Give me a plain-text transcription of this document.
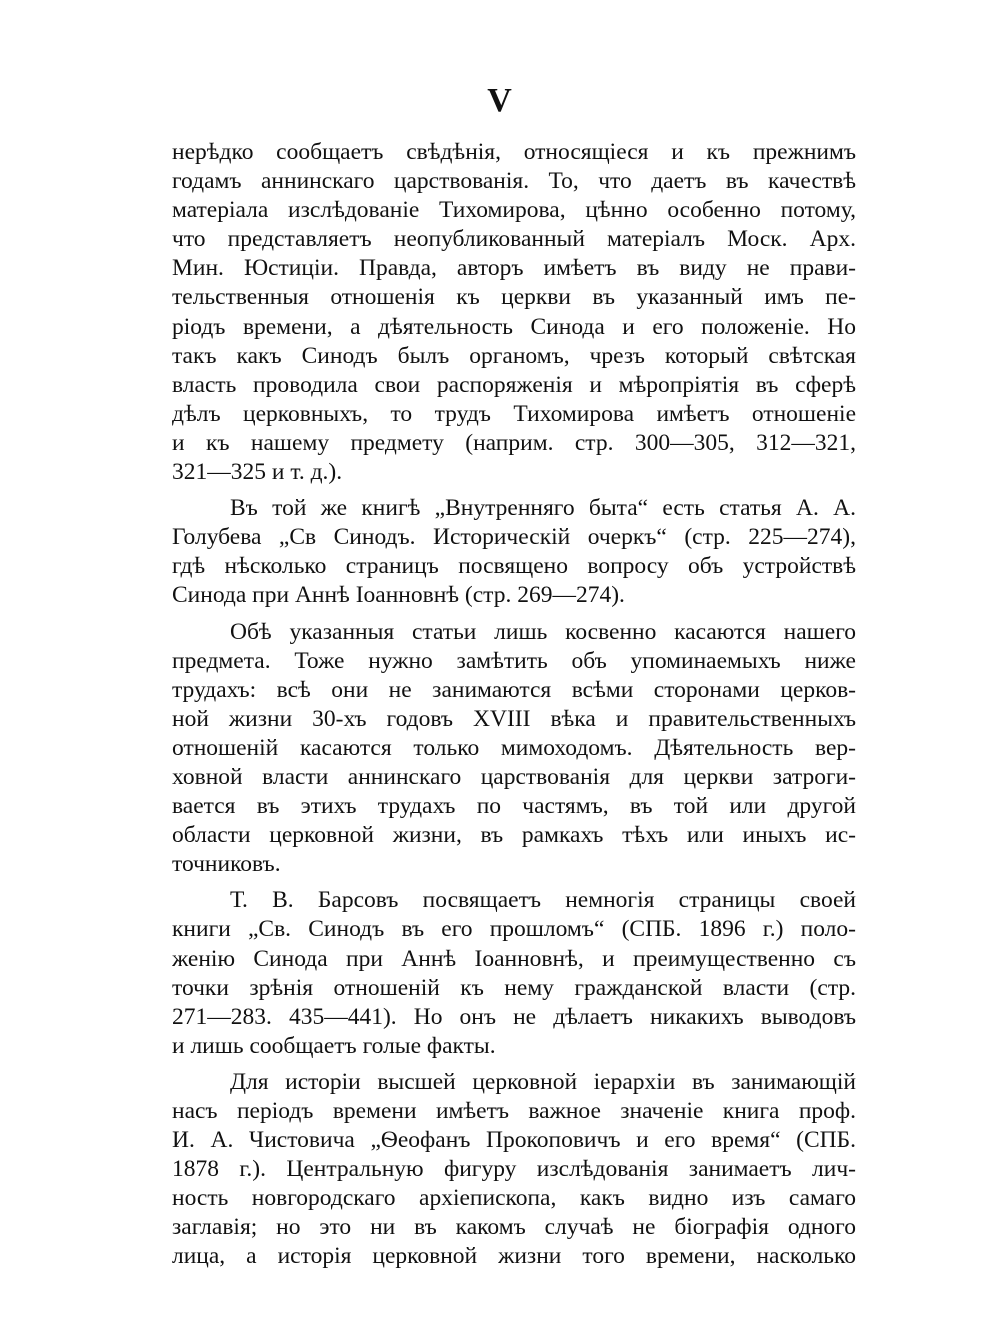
V
нерѣдко сообщаетъ свѣдѣнія, относящіеся и къ прежнимъ
годамъ аннинскаго царствованія. То, что даетъ въ качествѣ
матеріала изслѣдованіе Тихомирова, цѣнно особенно потому,
что представляетъ неопубликованный матеріалъ Моск. Арх.
Мин. Юстиціи. Правда, авторъ имѣетъ въ виду не прави-
тельственныя отношенія къ церкви въ указанный имъ пе-
ріодъ времени, а дѣятельность Синода и его положеніе. Но
такъ какъ Синодъ былъ органомъ, чрезъ который свѣтская
власть проводила свои распоряженія и мѣропріятія въ сферѣ
дѣлъ церковныхъ, то трудъ Тихомирова имѣетъ отношеніе
и къ нашему предмету (наприм. стр. 300—305, 312—321,
321—325 и т. д.).
Въ той же книгѣ „Внутренняго быта“ есть статья А. А.
Голубева „Св Синодъ. Историческій очеркъ“ (стр. 225—274),
гдѣ нѣсколько страницъ посвящено вопросу объ устройствѣ
Синода при Аннѣ Іоанновнѣ (стр. 269—274).
Обѣ указанныя статьи лишь косвенно касаются нашего
предмета. Тоже нужно замѣтить объ упоминаемыхъ ниже
трудахъ: всѣ они не занимаются всѣми сторонами церков-
ной жизни 30-хъ годовъ XVIII вѣка и правительственныхъ
отношеній касаются только мимоходомъ. Дѣятельность вер-
ховной власти аннинскаго царствованія для церкви затроги-
вается въ этихъ трудахъ по частямъ, въ той или другой
области церковной жизни, въ рамкахъ тѣхъ или иныхъ ис-
точниковъ.
Т. В. Барсовъ посвящаетъ немногія страницы своей
книги „Св. Синодъ въ его прошломъ“ (СПБ. 1896 г.) поло-
женію Синода при Аннѣ Іоанновнѣ, и преимущественно съ
точки зрѣнія отношеній къ нему гражданской власти (стр.
271—283. 435—441). Но онъ не дѣлаетъ никакихъ выводовъ
и лишь сообщаетъ голые факты.
Для исторіи высшей церковной іерархіи въ занимающій
насъ періодъ времени имѣетъ важное значеніе книга проф.
И. А. Чистовича „Ѳеофанъ Прокоповичъ и его время“ (СПБ.
1878 г.). Центральную фигуру изслѣдованія занимаетъ лич-
ность новгородскаго архіепископа, какъ видно изъ самаго
заглавія; но это ни въ какомъ случаѣ не біографія одного
лица, а исторія церковной жизни того времени, насколько
